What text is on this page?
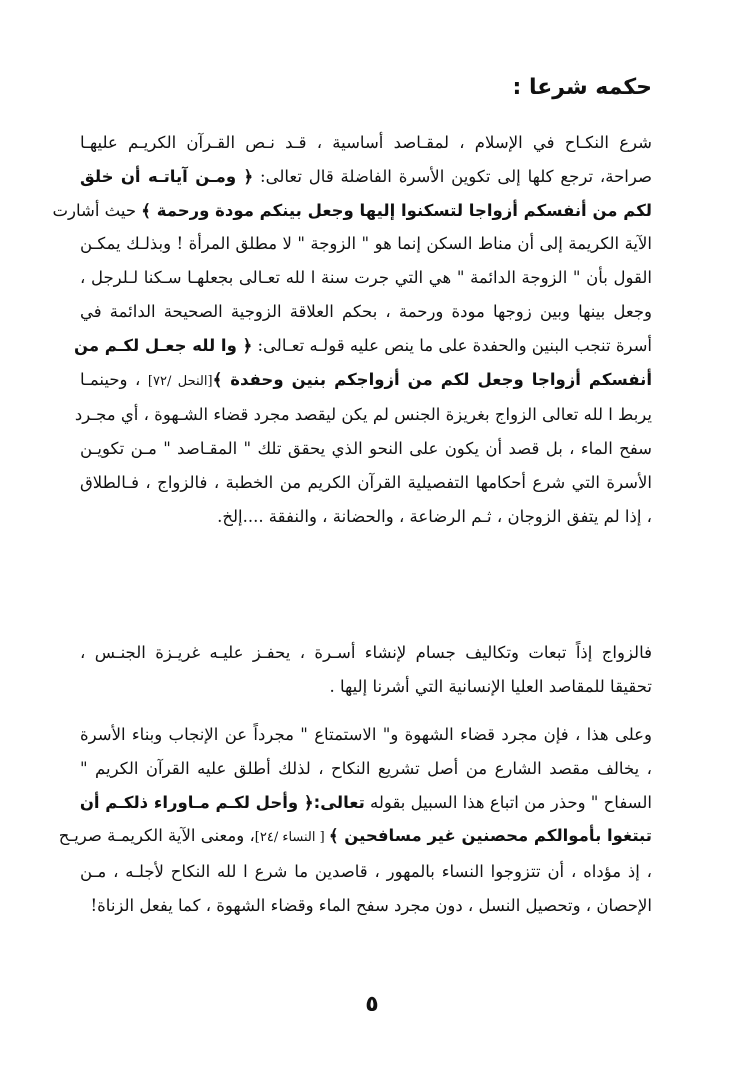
حكمه شرعا :
شرع النكـاح في الإسلام ، لمقـاصد أساسية ، قـد نـص القـرآن الكريـم عليهـا
صراحة، ترجع كلها إلى تكوين الأسرة الفاضلة قال تعالى: ﴿ ومـن آياتـه أن خلق
لكم من أنفسكم أزواجا لتسكنوا إليها وجعل بينكم مودة ورحمة ﴾ حيث أشارت
الآية الكريمة إلى أن مناط السكن إنما هو " الزوجة " لا مطلق المرأة ! وبذلـك يمكـن
القول بأن " الزوجة الدائمة " هي التي جرت سنة ا لله تعـالى بجعلهـا سـكنا لـلرجل ،
وجعل بينها وبين زوجها مودة ورحمة ، بحكم العلاقة الزوجية الصحيحة الدائمة في
أسرة تنجب البنين والحفدة على ما ينص عليه قولـه تعـالى: ﴿ وا لله جعـل لكـم من
أنفسكم أزواجا وجعل لكم من أزواجكم بنين وحفدة ﴾[النحل /٧٢] ، وحينمـا
يربط ا لله تعالى الزواج بغريزة الجنس لم يكن ليقصد مجرد قضاء الشـهوة ، أي مجـرد
سفح الماء ، بل قصد أن يكون على النحو الذي يحقق تلك " المقـاصد " مـن تكويـن
الأسرة التي شرع أحكامها التفصيلية القرآن الكريم من الخطبة ، فالزواج ، فـالطلاق
، إذا لم يتفق الزوجان ، ثـم الرضاعة ، والحضانة ، والنفقة ....إلخ.
فالزواج إذاً تبعات وتكاليف جسام لإنشاء أسـرة ، يحفـز عليـه غريـزة الجنـس ،
تحقيقا للمقاصد العليا الإنسانية التي أشرنا إليها .
وعلى هذا ، فإن مجرد قضاء الشهوة و" الاستمتاع " مجرداً عن الإنجاب وبناء الأسرة
، يخالف مقصد الشارع من أصل تشريع النكاح ، لذلك أطلق عليه القرآن الكريم "
السفاح " وحذر من اتباع هذا السبيل بقوله تعالى:﴿ وأحل لكـم مـاوراء ذلكـم أن
تبتغوا بأموالكم محصنين غير مسافحين ﴾ [ النساء /٢٤]، ومعنى الآية الكريمـة صريـح
، إذ مؤداه ، أن تتزوجوا النساء بالمهور ، قاصدين ما شرع ا لله النكاح لأجلـه ، مـن
الإحصان ، وتحصيل النسل ، دون مجرد سفح الماء وقضاء الشهوة ، كما يفعل الزناة!
٥
